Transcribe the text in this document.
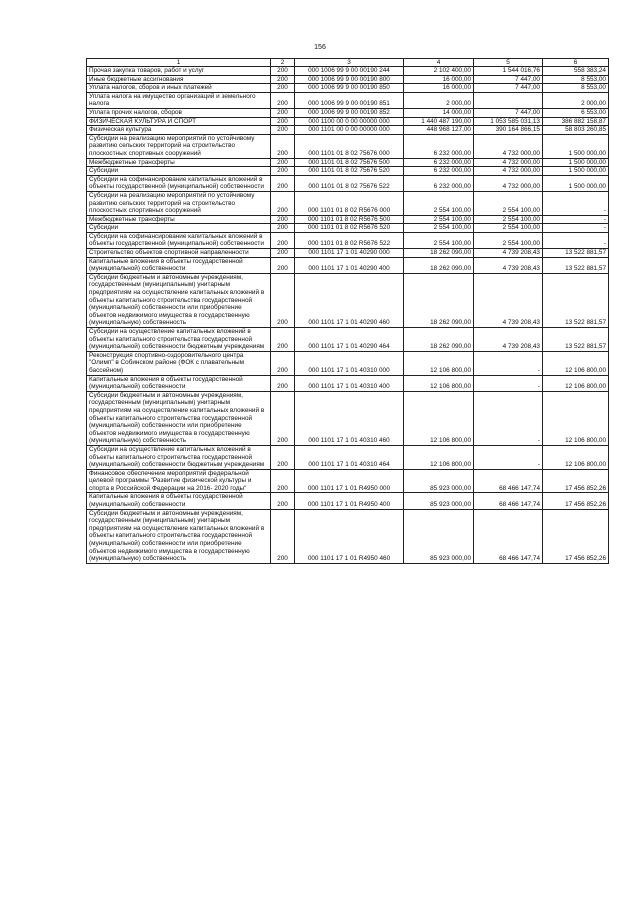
156
1	2	3	4	5	6
Прочая закупка товаров, работ и услуг	200	000 1006 99 9 00 00190 244	2 102 400,00	1 544 016,76	558 383,24
Иные бюджетные ассигнования	200	000 1006 99 9 00 00190 800	16 000,00	7 447,00	8 553,00
Уплата налогов, сборов и иных платежей	200	000 1006 99 9 00 00190 850	16 000,00	7 447,00	8 553,00
Уплата налога на имущество организаций и земельного налога	200	000 1006 99 9 00 00190 851	2 000,00		2 000,00
Уплата прочих налогов, сборов	200	000 1006 99 9 00 00190 852	14 000,00	7 447,00	6 553,00
ФИЗИЧЕСКАЯ КУЛЬТУРА И СПОРТ	200	000 1100 00 0 00 00000 000	1 440 487 190,00	1 053 585 031,13	386 882 158,87
Физическая культура	200	000 1101 00 0 00 00000 000	448 968 127,00	390 164 866,15	58 803 260,85
Субсидии на реализацию мероприятий по устойчивому развитию сельских территорий на строительство плоскостных спортивных сооружений	200	000 1101 01 8 02 75676 000	6 232 000,00	4 732 000,00	1 500 000,00
Межбюджетные трансферты	200	000 1101 01 8 02 75676 500	6 232 000,00	4 732 000,00	1 500 000,00
Субсидии	200	000 1101 01 8 02 75676 520	6 232 000,00	4 732 000,00	1 500 000,00
Субсидии на софинансирование капитальных вложений в объекты государственной (муниципальной) собственности	200	000 1101 01 8 02 75676 522	6 232 000,00	4 732 000,00	1 500 000,00
Субсидии на реализацию мероприятий по устойчивому развитию сельских территорий на строительство плоскостных спортивных сооружений	200	000 1101 01 8 02 R5676 000	2 554 100,00	2 554 100,00	-
Межбюджетные трансферты	200	000 1101 01 8 02 R5676 500	2 554 100,00	2 554 100,00	-
Субсидии	200	000 1101 01 8 02 R5676 520	2 554 100,00	2 554 100,00	-
Субсидии на софинансирование капитальных вложений в объекты государственной (муниципальной) собственности	200	000 1101 01 8 02 R5676 522	2 554 100,00	2 554 100,00	-
Строительство объектов спортивной направленности	200	000 1101 17 1 01 40290 000	18 262 090,00	4 739 208,43	13 522 881,57
Капитальные вложения в объекты государственной (муниципальной) собственности	200	000 1101 17 1 01 40290 400	18 262 090,00	4 739 208,43	13 522 881,57
Субсидии бюджетным и автономным учреждениям, государственным (муниципальным) унитарным предприятиям на осуществление капитальных вложений в объекты капитального строительства государственной (муниципальной) собственности или приобретение объектов недвижимого имущества в государственную (муниципальную) собственность	200	000 1101 17 1 01 40290 460	18 262 090,00	4 739 208,43	13 522 881,57
Субсидии на осуществление капитальных вложений в объекты капитального строительства государственной (муниципальной) собственности бюджетным учреждениям	200	000 1101 17 1 01 40290 464	18 262 090,00	4 739 208,43	13 522 881,57
Реконструкция спортивно-оздоровительного центра "Олимп" в Собинском районе (ФОК с плавательным бассейном)	200	000 1101 17 1 01 40310 000	12 106 800,00	-	12 106 800,00
Капитальные вложения в объекты государственной (муниципальной) собственности	200	000 1101 17 1 01 40310 400	12 106 800,00	-	12 106 800,00
Субсидии бюджетным и автономным учреждениям, государственным (муниципальным) унитарным предприятиям на осуществление капитальных вложений в объекты капитального строительства государственной (муниципальной) собственности или приобретение объектов недвижимого имущества в государственную (муниципальную) собственность	200	000 1101 17 1 01 40310 460	12 106 800,00	-	12 106 800,00
Субсидии на осуществление капитальных вложений в объекты капитального строительства государственной (муниципальной) собственности бюджетным учреждениям	200	000 1101 17 1 01 40310 464	12 106 800,00	-	12 106 800,00
Финансовое обеспечение мероприятий федеральной целевой программы "Развитие физической культуры и спорта в Российской Федерации на 2016- 2020 годы"	200	000 1101 17 1 01 R4950 000	85 923 000,00	68 466 147,74	17 456 852,26
Капитальные вложения в объекты государственной (муниципальной) собственности	200	000 1101 17 1 01 R4950 400	85 923 000,00	68 466 147,74	17 456 852,26
Субсидии бюджетным и автономным учреждениям, государственным (муниципальным) унитарным предприятиям на осуществление капитальных вложений в объекты капитального строительства государственной (муниципальной) собственности или приобретение объектов недвижимого имущества в государственную (муниципальную) собственность	200	000 1101 17 1 01 R4950 460	85 923 000,00	68 466 147,74	17 456 852,26
